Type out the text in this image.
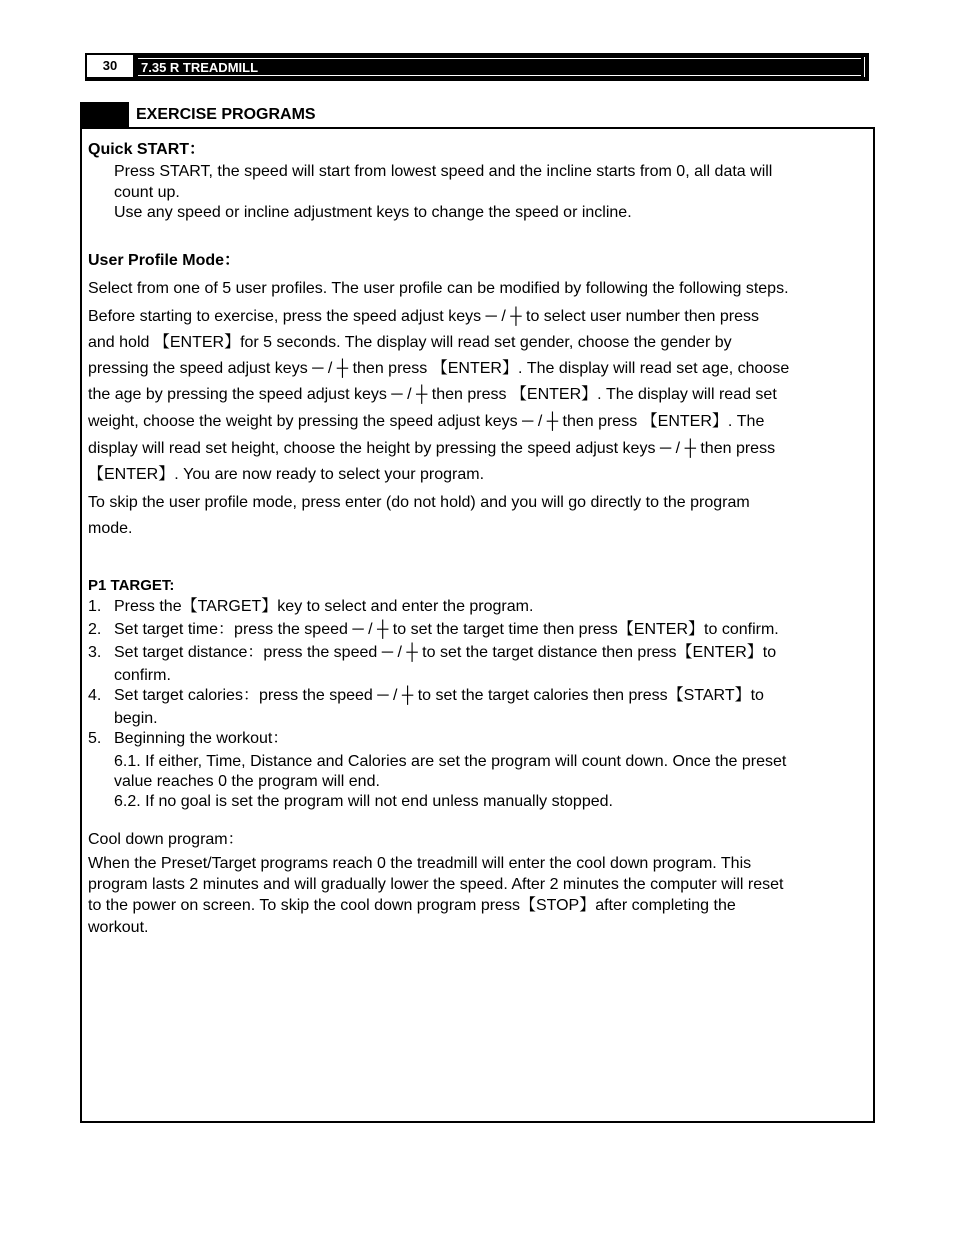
30	7.35 R TREADMILL
EXERCISE PROGRAMS
Quick START：
Press START, the speed will start from lowest speed and the incline starts from 0, all data will
count up.
Use any speed or incline adjustment keys to change the speed or incline.
User Profile Mode：
Select from one of 5 user profiles. The user profile can be modified by following the following steps.
Before starting to exercise, press the speed adjust keys ─ / ┼ to select user number then press
and hold 【ENTER】for 5 seconds. The display will read set gender, choose the gender by
pressing the speed adjust keys ─ / ┼ then press 【ENTER】. The display will read set age, choose
the age by pressing the speed adjust keys ─ / ┼ then press 【ENTER】. The display will read set
weight, choose the weight by pressing the speed adjust keys ─ / ┼ then press 【ENTER】. The
display will read set height, choose the height by pressing the speed adjust keys ─ / ┼ then press
【ENTER】. You are now ready to select your program.
To skip the user profile mode, press enter (do not hold) and you will go directly to the program
mode.
P1 TARGET:
1. Press the【TARGET】key to select and enter the program.
2. Set target time：press the speed ─ / ┼ to set the target time then press【ENTER】to confirm.
3. Set target distance：press the speed ─ / ┼ to set the target distance then press【ENTER】to
confirm.
4. Set target calories：press the speed ─ / ┼ to set the target calories then press【START】to
begin.
5. Beginning the workout：
6.1. If either, Time, Distance and Calories are set the program will count down. Once the preset
value reaches 0 the program will end.
6.2. If no goal is set the program will not end unless manually stopped.
Cool down program：
When the Preset/Target programs reach 0 the treadmill will enter the cool down program. This
program lasts 2 minutes and will gradually lower the speed. After 2 minutes the computer will reset
to the power on screen. To skip the cool down program press【STOP】after completing the
workout.
